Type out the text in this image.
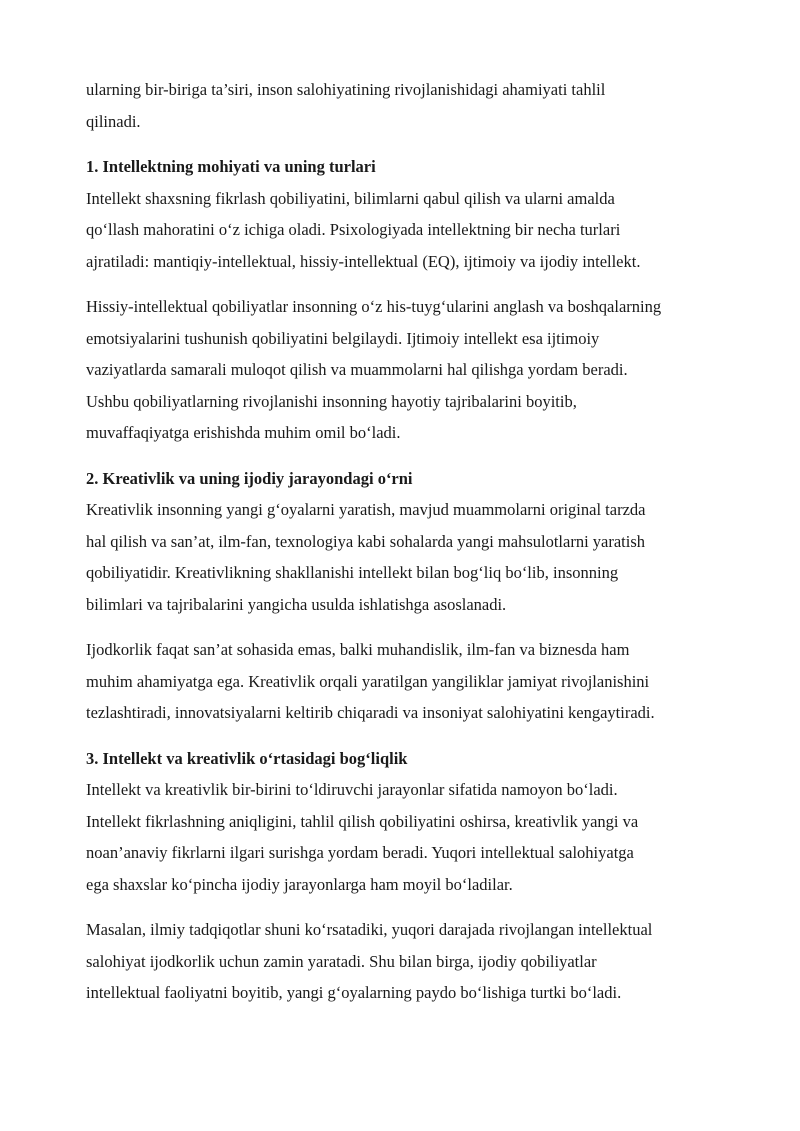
ularning bir-biriga ta’siri, inson salohiyatining rivojlanishidagi ahamiyati tahlil
qilinadi.

1. Intellektning mohiyati va uning turlari

Intellekt shaxsning fikrlash qobiliyatini, bilimlarni qabul qilish va ularni amalda
qo‘llash mahoratini o‘z ichiga oladi. Psixologiyada intellektning bir necha turlari
ajratiladi: mantiqiy-intellektual, hissiy-intellektual (EQ), ijtimoiy va ijodiy intellekt.

Hissiy-intellektual qobiliyatlar insonning o‘z his-tuyg‘ularini anglash va boshqalarning
emotsiyalarini tushunish qobiliyatini belgilaydi. Ijtimoiy intellekt esa ijtimoiy
vaziyatlarda samarali muloqot qilish va muammolarni hal qilishga yordam beradi.
Ushbu qobiliyatlarning rivojlanishi insonning hayotiy tajribalarini boyitib,
muvaffaqiyatga erishishda muhim omil bo‘ladi.

2. Kreativlik va uning ijodiy jarayondagi o‘rni

Kreativlik insonning yangi g‘oyalarni yaratish, mavjud muammolarni original tarzda
hal qilish va san’at, ilm-fan, texnologiya kabi sohalarda yangi mahsulotlarni yaratish
qobiliyatidir. Kreativlikning shakllanishi intellekt bilan bog‘liq bo‘lib, insonning
bilimlari va tajribalarini yangicha usulda ishlatishga asoslanadi.

Ijodkorlik faqat san’at sohasida emas, balki muhandislik, ilm-fan va biznesda ham
muhim ahamiyatga ega. Kreativlik orqali yaratilgan yangiliklar jamiyat rivojlanishini
tezlashtiradi, innovatsiyalarni keltirib chiqaradi va insoniyat salohiyatini kengaytiradi.

3. Intellekt va kreativlik o‘rtasidagi bog‘liqlik

Intellekt va kreativlik bir-birini to‘ldiruvchi jarayonlar sifatida namoyon bo‘ladi.
Intellekt fikrlashning aniqligini, tahlil qilish qobiliyatini oshirsa, kreativlik yangi va
noan’anaviy fikrlarni ilgari surishga yordam beradi. Yuqori intellektual salohiyatga
ega shaxslar ko‘pincha ijodiy jarayonlarga ham moyil bo‘ladilar.

Masalan, ilmiy tadqiqotlar shuni ko‘rsatadiki, yuqori darajada rivojlangan intellektual
salohiyat ijodkorlik uchun zamin yaratadi. Shu bilan birga, ijodiy qobiliyatlar
intellektual faoliyatni boyitib, yangi g‘oyalarning paydo bo‘lishiga turtki bo‘ladi.
